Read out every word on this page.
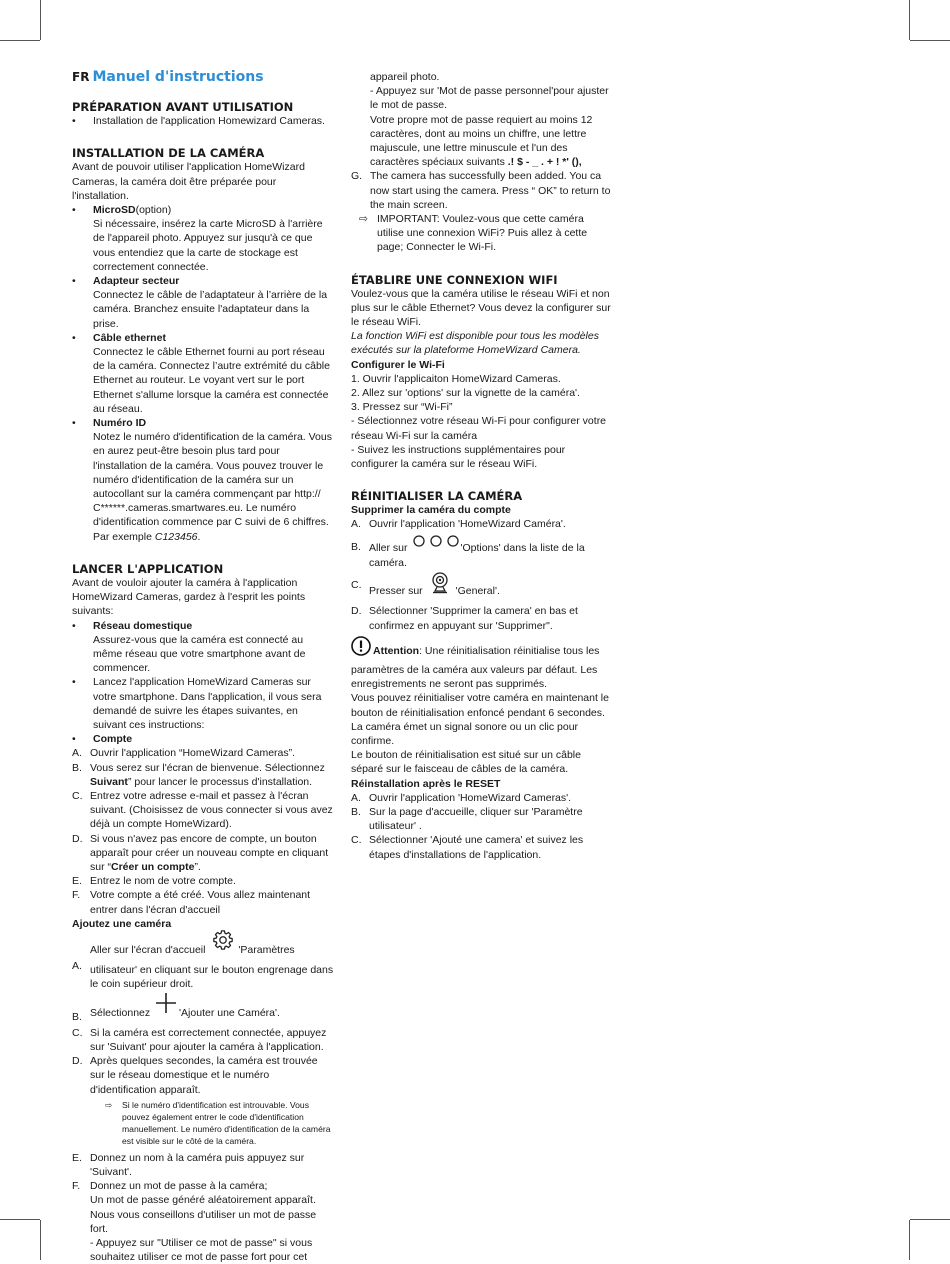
FR Manuel d'instructions
PRÉPARATION AVANT UTILISATION
•	Installation de l'application Homewizard Cameras.
INSTALLATION DE LA CAMÉRA

Avant de pouvoir utiliser l'application HomeWizard Cameras, la caméra doit être préparée pour l'installation.

•	MicroSD(option)

Si nécessaire, insérez la carte MicroSD à l'arrière de l'appareil photo. Appuyez sur jusqu'à ce que vous entendiez que la carte de stockage est correctement connectée.

•	Adapteur secteur

Connectez le câble de l’adaptateur à l’arrière de la caméra. Branchez ensuite l'adaptateur dans la prise.

•	Câble ethernet

Connectez le câble Ethernet fourni au port réseau de la caméra. Connectez l’autre extrémité du câble Ethernet au routeur. Le voyant vert sur le port Ethernet s'allume lorsque la caméra est connectée au réseau.

•	Numéro ID

Notez le numéro d'identification de la caméra. Vous en aurez peut-être besoin plus tard pour l'installation de la caméra. Vous pouvez trouver le numéro d'identification de la caméra sur un autocollant sur la caméra commençant par http:// C******.cameras.smartwares.eu. Le numéro d'identification commence par C suivi de 6 chiffres. Par exemple C123456.

LANCER L'APPLICATION

Avant de vouloir ajouter la caméra à l'application HomeWizard Cameras, gardez à l'esprit les points suivants:

•	Réseau domestique

Assurez-vous que la caméra est connecté au même réseau que votre smartphone avant de commencer.

•	Lancez l'application HomeWizard Cameras sur votre smartphone. Dans l'application, il vous sera demandé de suivre les étapes suivantes, en suivant ces instructions:

•	Compte

A. Ouvrir l'application “HomeWizard Cameras”.

B. Vous serez sur l'écran de bienvenue. Sélectionnez Suivant” pour lancer le processus d'installation.

C. Entrez votre adresse e-mail et passez à l'écran suivant. (Choisissez de vous connecter si vous avez déjà un compte HomeWizard).

D. Si vous n'avez pas encore de compte, un bouton apparaît pour créer un nouveau compte en cliquant sur “Créer un compte”.

E. Entrez le nom de votre compte.

F. Votre compte a été créé. Vous allez maintenant entrer dans l'écran d'accueil

Ajoutez une caméra

A.

Aller sur l'écran d'accueil	'Paramètres utilisateur' en cliquant sur le bouton engrenage dans le coin supérieur droit.

B. Sélectionnez	'Ajouter une Caméra'.

C. Si la caméra est correctement connectée, appuyez sur 'Suivant' pour ajouter la caméra à l'application.

D. Après quelques secondes, la caméra est trouvée sur le réseau domestique et le numéro d'identification apparaît.

⇨	Si le numéro d'identification est introuvable. Vous pouvez également entrer le code d'identification manuellement. Le numéro d'identification de la caméra est visible sur le côté de la caméra.

E. Donnez un nom à la caméra puis appuyez sur 'Suivant'.

F. Donnez un mot de passe à la caméra;

Un mot de passe généré aléatoirement apparaît. Nous vous conseillons d'utiliser un mot de passe fort.

- Appuyez sur "Utiliser ce mot de passe" si vous souhaitez utiliser ce mot de passe fort pour cet

appareil photo.

- Appuyez sur 'Mot de passe personnel'pour ajuster le mot de passe.

Votre propre mot de passe requiert au moins 12 caractères, dont au moins un chiffre, une lettre majuscule, une lettre minuscule et l'un des caractères spéciaux suivants .! $ - _ . + ! *' (),

G. The camera has successfully been added. You ca now start using the camera. Press “ OK” to return to the main screen.

⇨ IMPORTANT: Voulez-vous que cette caméra utilise une connexion WiFi? Puis allez à cette page; Connecter le Wi-Fi.

ÉTABLIRE UNE CONNEXION WIFI

Voulez-vous que la caméra utilise le réseau WiFi et non plus sur le câble Ethernet? Vous devez la configurer sur le réseau WiFi.

La fonction WiFi est disponible pour tous les modèles exécutés sur la plateforme HomeWizard Camera.

Configurer le Wi-Fi

1. Ouvrir l'applicaiton HomeWizard Cameras.

2. Allez sur 'options' sur la vignette de la caméra'.

3. Pressez sur “Wi-Fi”

- Sélectionnez votre réseau Wi-Fi pour configurer votre réseau Wi-Fi sur la caméra

- Suivez les instructions supplémentaires pour configurer la caméra sur le réseau WiFi.

RÉINITIALISER LA CAMÉRA

Supprimer la caméra du compte

A. Ouvrir l'application 'HomeWizard Caméra'.

B. Aller sur	'Options' dans la liste de la caméra.

C. Presser sur	'General'.

D. Sélectionner 'Supprimer la camera' en bas et confirmez en appuyant sur 'Supprimer".

Attention: Une réinitialisation réinitialise tous les paramètres de la caméra aux valeurs par défaut. Les enregistrements ne seront pas supprimés.

Vous pouvez réinitialiser votre caméra en maintenant le bouton de réinitialisation enfoncé pendant 6 secondes. La caméra émet un signal sonore ou un clic pour confirme.

Le bouton de réinitialisation est situé sur un câble séparé sur le faisceau de câbles de la caméra.

Réinstallation après le RESET

A. Ouvrir l'application 'HomeWizard Cameras'.

B. Sur la page d'accueille, cliquer sur 'Paramètre utilisateur' .

C. Sélectionner 'Ajouté une camera' et suivez les étapes d'installations de l'application.
